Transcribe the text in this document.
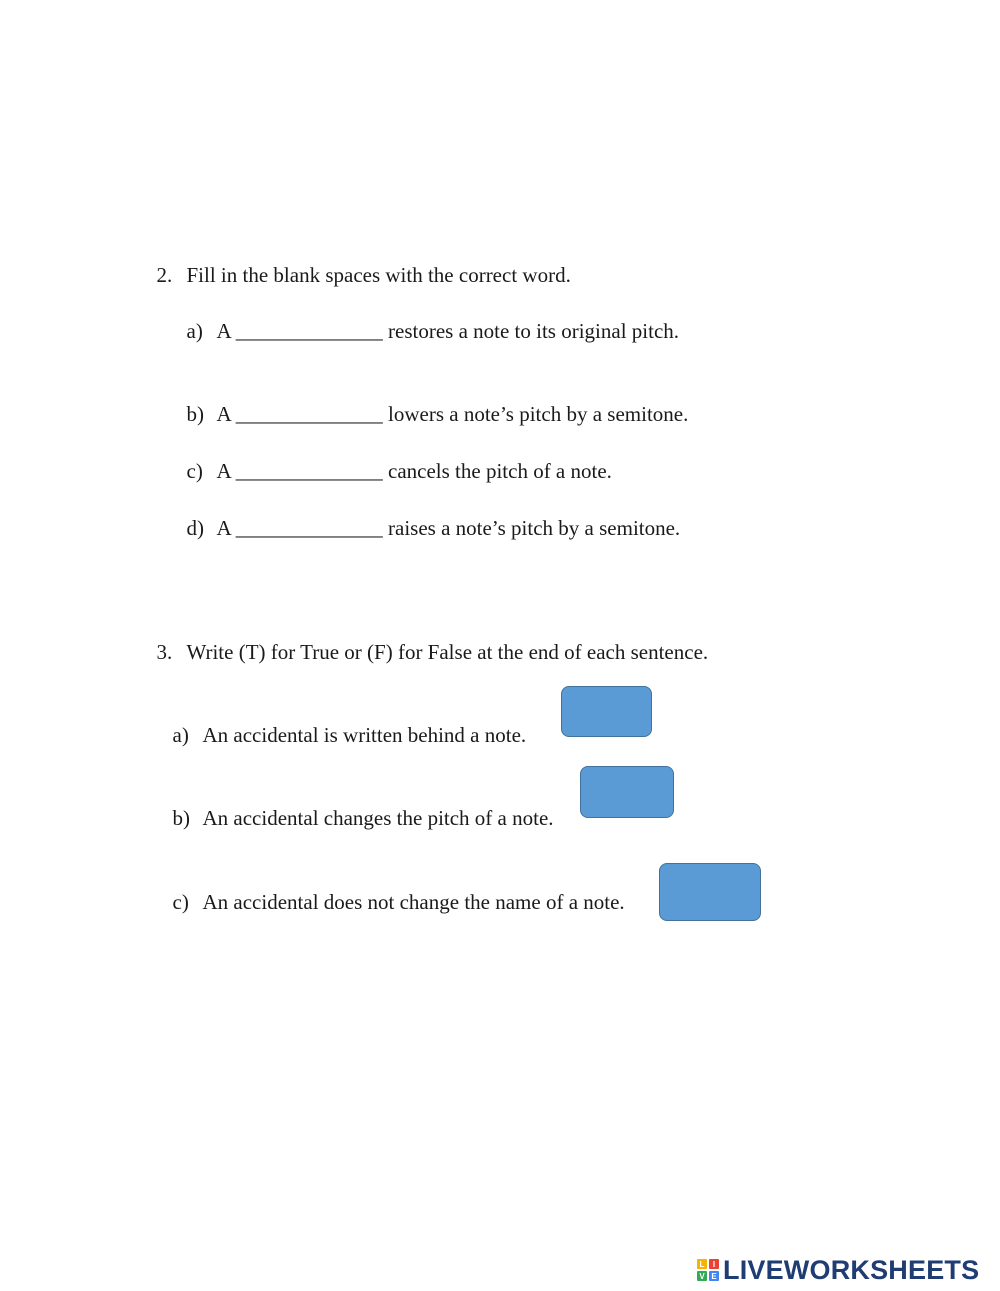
2. Fill in the blank spaces with the correct word.

a) A ______________ restores a note to its original pitch.

b) A ______________ lowers a note’s pitch by a semitone.

c) A ______________ cancels the pitch of a note.

d) A ______________ raises a note’s pitch by a semitone.

3. Write (T) for True or (F) for False at the end of each sentence.

a) An accidental is written behind a note.

b) An accidental changes the pitch of a note.

c) An accidental does not change the name of a note.

L	I
V E LIVEWORKSHEETS
